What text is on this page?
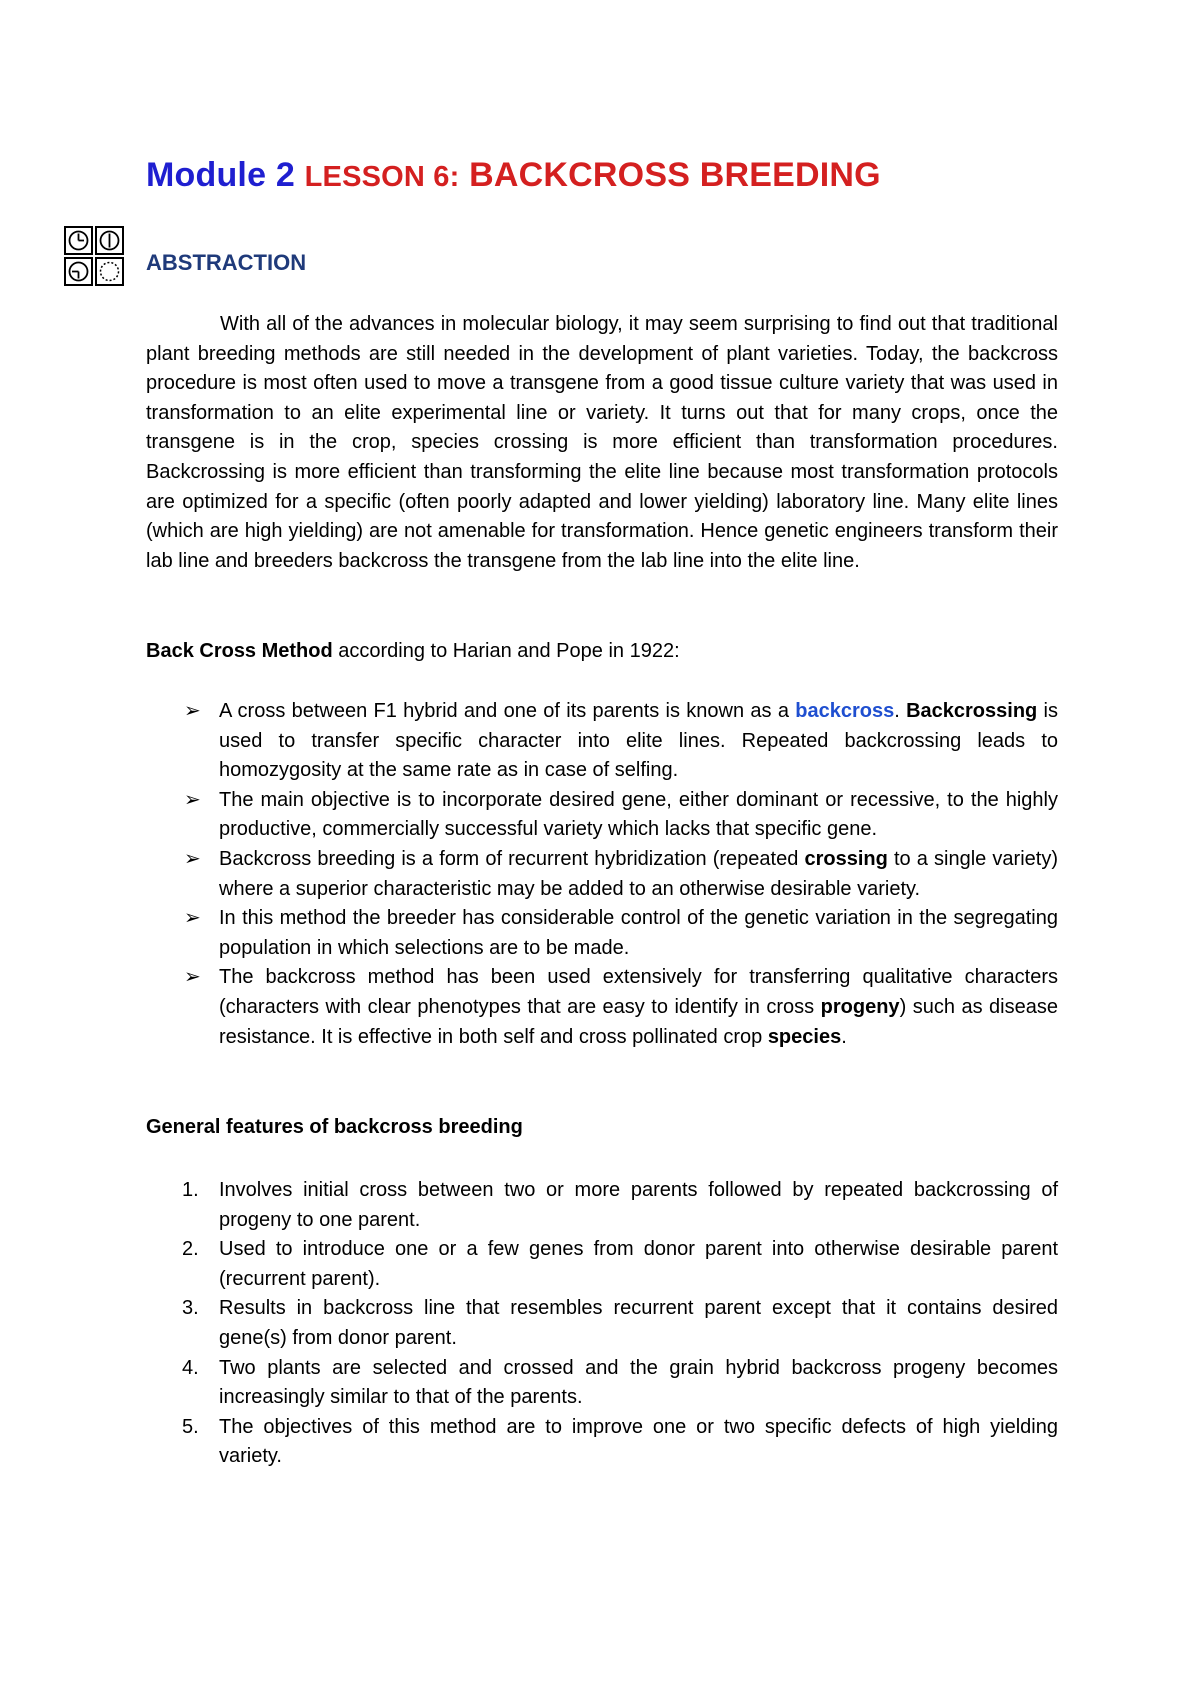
Module 2 LESSON 6: BACKCROSS BREEDING
ABSTRACTION

With all of the advances in molecular biology, it may seem surprising to find out that traditional plant breeding methods are still needed in the development of plant varieties. Today, the backcross procedure is most often used to move a transgene from a good tissue culture variety that was used in transformation to an elite experimental line or variety. It turns out that for many crops, once the transgene is in the crop, species crossing is more efficient than transformation procedures. Backcrossing is more efficient than transforming the elite line because most transformation protocols are optimized for a specific (often poorly adapted and lower yielding) laboratory line. Many elite lines (which are high yielding) are not amenable for transformation. Hence genetic engineers transform their lab line and breeders backcross the transgene from the lab line into the elite line.

Back Cross Method according to Harian and Pope in 1922:

➢ A cross between F1 hybrid and one of its parents is known as a backcross. Backcrossing is used to transfer specific character into elite lines. Repeated backcrossing leads to homozygosity at the same rate as in case of selfing.
➢ The main objective is to incorporate desired gene, either dominant or recessive, to the highly productive, commercially successful variety which lacks that specific gene.
➢ Backcross breeding is a form of recurrent hybridization (repeated crossing to a single variety) where a superior characteristic may be added to an otherwise desirable variety.
➢ In this method the breeder has considerable control of the genetic variation in the segregating population in which selections are to be made.
➢ The backcross method has been used extensively for transferring qualitative characters (characters with clear phenotypes that are easy to identify in cross progeny) such as disease resistance. It is effective in both self and cross pollinated crop species.
General features of backcross breeding
1. Involves initial cross between two or more parents followed by repeated backcrossing of progeny to one parent.
2. Used to introduce one or a few genes from donor parent into otherwise desirable parent (recurrent parent).
3. Results in backcross line that resembles recurrent parent except that it contains desired gene(s) from donor parent.
4. Two plants are selected and crossed and the grain hybrid backcross progeny becomes increasingly similar to that of the parents.
5. The objectives of this method are to improve one or two specific defects of high yielding variety.
